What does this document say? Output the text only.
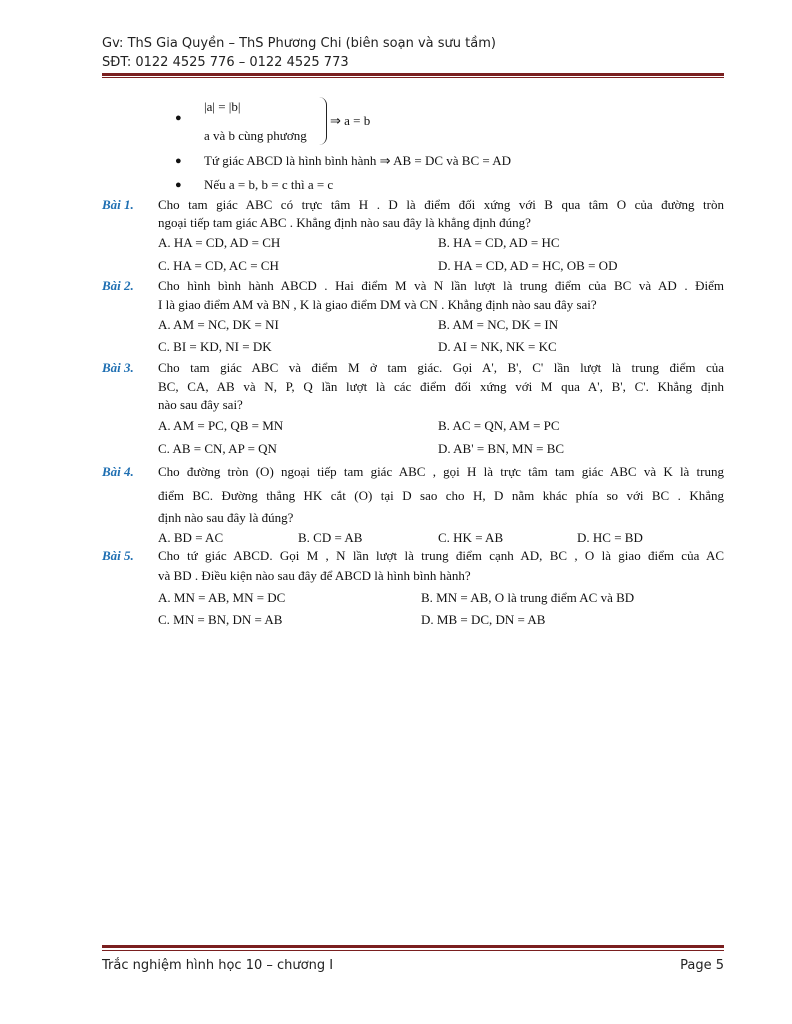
Gv: ThS Gia Quyền – ThS Phương Chi (biên soạn và sưu tầm)
SĐT: 0122 4525 776 – 0122 4525 773
●
|a| = |b|
a và b cùng phương
⇒ a = b
● Tứ giác ABCD là hình bình hành ⇒ AB = DC và BC = AD
● Nếu a = b, b = c thì a = c
Bài 1. Cho tam giác ABC có trực tâm H . D là điểm đối xứng với B qua tâm O của đường tròn
ngoại tiếp tam giác ABC . Khẳng định nào sau đây là khẳng định đúng?
A. HA = CD, AD = CH	B. HA = CD, AD = HC
C. HA = CD, AC = CH	D. HA = CD, AD = HC, OB = OD
Bài 2. Cho hình bình hành ABCD . Hai điểm M và N lần lượt là trung điểm của BC và AD . Điểm
I là giao điểm AM và BN , K là giao điểm DM và CN . Khẳng định nào sau đây sai?
A. AM = NC, DK = NI	B. AM = NC, DK = IN
C. BI = KD, NI = DK	D. AI = NK, NK = KC
Bài 3. Cho tam giác ABC và điểm M ở tam giác. Gọi A', B', C' lần lượt là trung điểm của
BC, CA, AB và N, P, Q lần lượt là các điểm đối xứng với M qua A', B', C'. Khẳng định
nào sau đây sai?
A. AM = PC, QB = MN	B. AC = QN, AM = PC
C. AB = CN, AP = QN	D. AB' = BN, MN = BC
Bài 4. Cho đường tròn (O) ngoại tiếp tam giác ABC , gọi H là trực tâm tam giác ABC và K là trung
điểm BC. Đường thẳng HK cắt (O) tại D sao cho H, D nằm khác phía so với BC . Khẳng
định nào sau đây là đúng?
A. BD = AC	B. CD = AB	C. HK = AB	D. HC = BD
Bài 5. Cho tứ giác ABCD. Gọi M , N lần lượt là trung điểm cạnh AD, BC , O là giao điểm của AC
và BD . Điều kiện nào sau đây để ABCD là hình bình hành?
A. MN = AB, MN = DC	B. MN = AB, O là trung điểm AC và BD
C. MN = BN, DN = AB	D. MB = DC, DN = AB
Trắc nghiệm hình học 10 – chương I	Page 5
